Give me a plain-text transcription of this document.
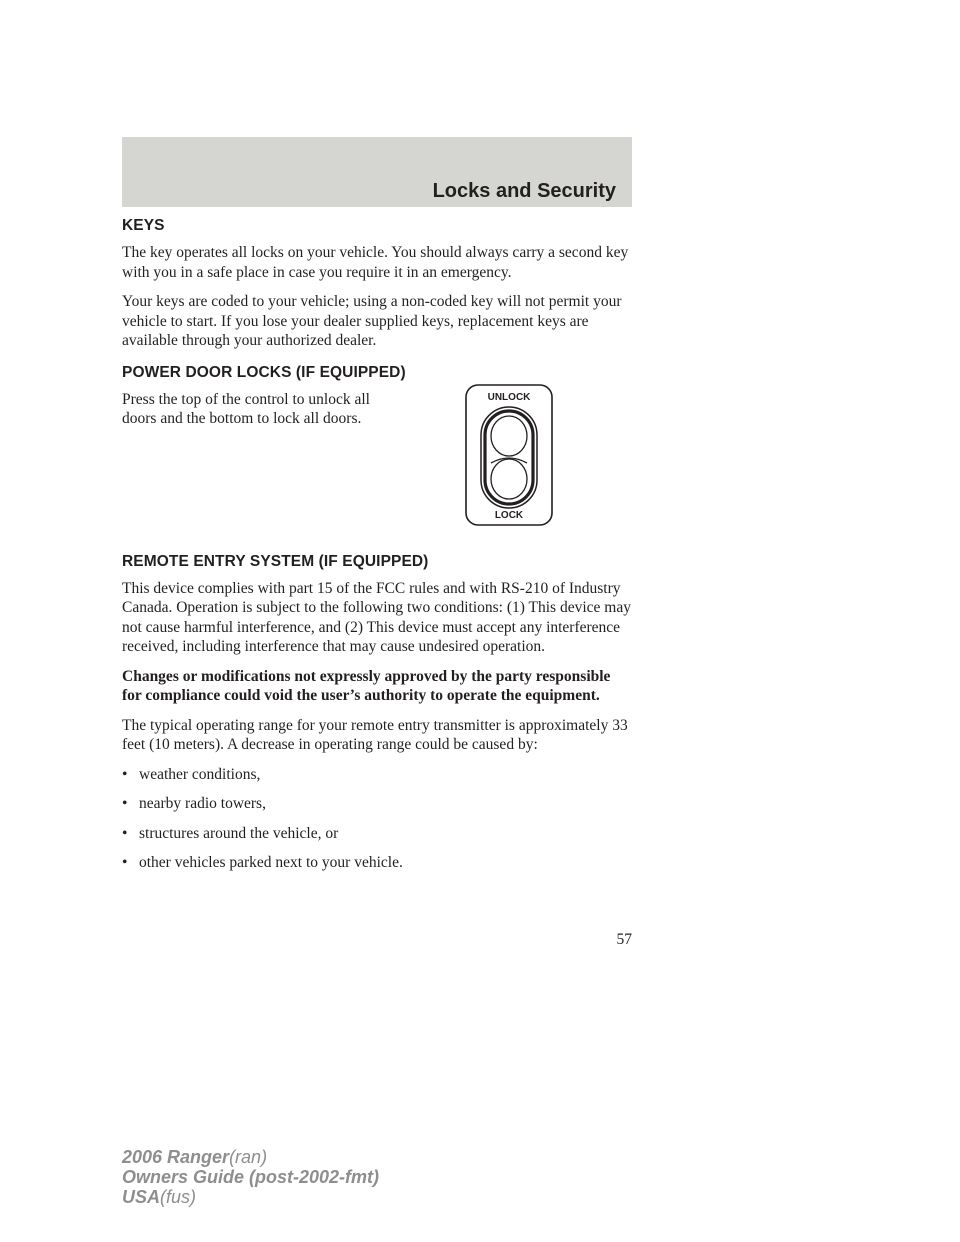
Locks and Security
KEYS

The key operates all locks on your vehicle. You should always carry a second key with you in a safe place in case you require it in an emergency.

Your keys are coded to your vehicle; using a non-coded key will not permit your vehicle to start. If you lose your dealer supplied keys, replacement keys are available through your authorized dealer.

POWER DOOR LOCKS (IF EQUIPPED)

Press the top of the control to unlock all doors and the bottom to lock all doors.

UNLOCK
LOCK
REMOTE ENTRY SYSTEM (IF EQUIPPED)

This device complies with part 15 of the FCC rules and with RS-210 of Industry Canada. Operation is subject to the following two conditions: (1) This device may not cause harmful interference, and (2) This device must accept any interference received, including interference that may cause undesired operation.

Changes or modifications not expressly approved by the party responsible for compliance could void the user’s authority to operate the equipment.

The typical operating range for your remote entry transmitter is approximately 33 feet (10 meters). A decrease in operating range could be caused by:

• weather conditions,
• nearby radio towers,
• structures around the vehicle, or
• other vehicles parked next to your vehicle.
57
2006 Ranger(ran)
Owners Guide (post-2002-fmt)
USA(fus)
